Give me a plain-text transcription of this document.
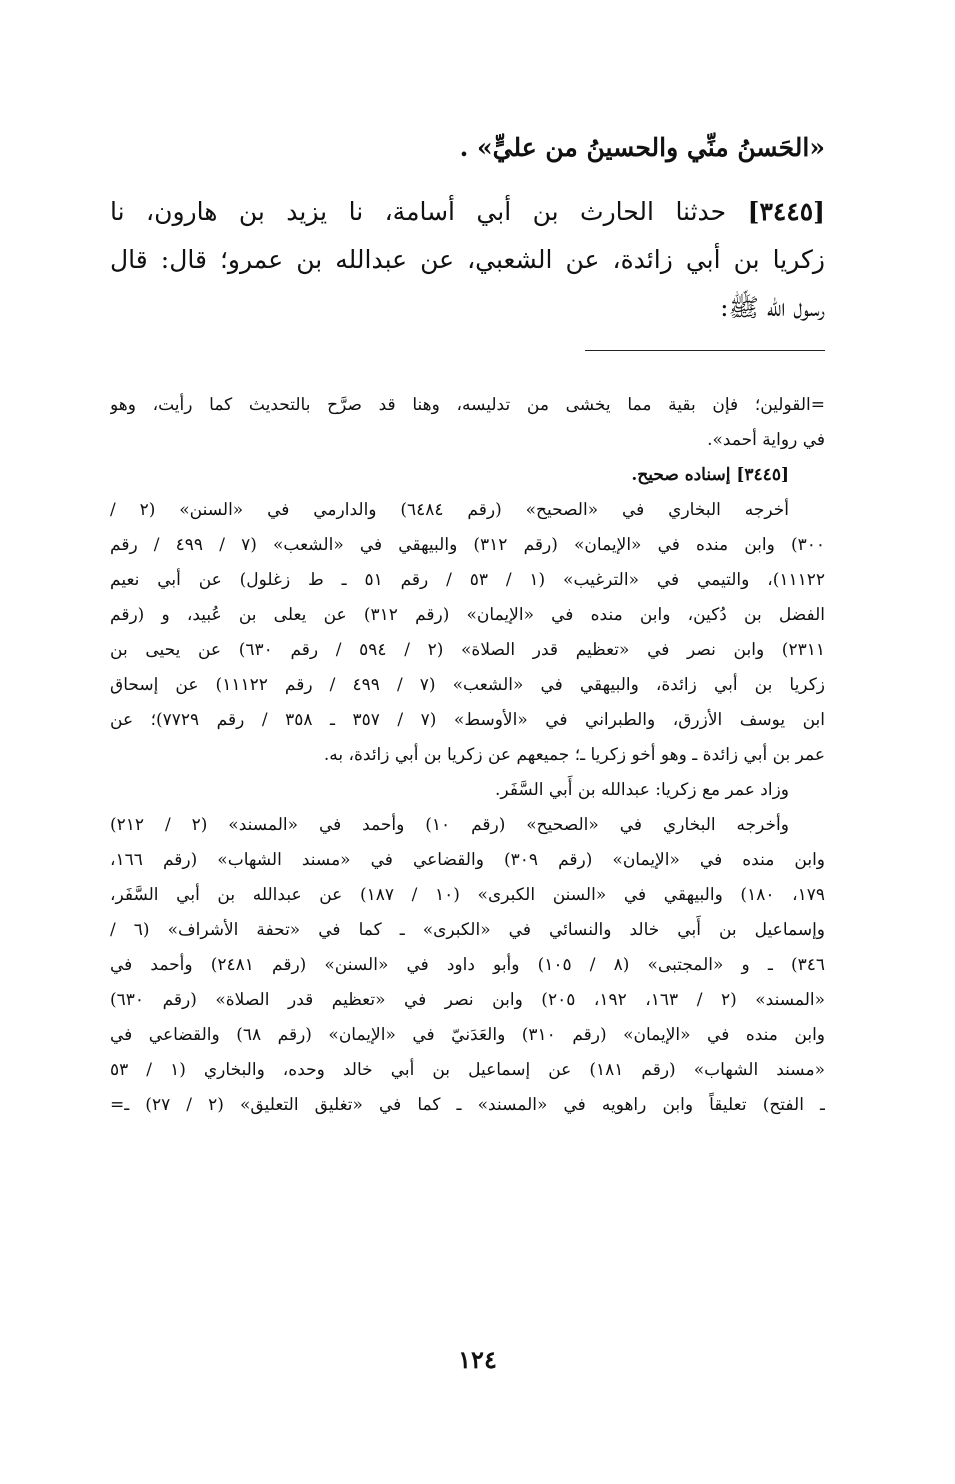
«الحَسنُ منِّي والحسينُ من عليٍّ» .
[٣٤٤٥] حدثنا الحارث بن أبي أسامة، نا يزيد بن هارون، نا
زكريا بن أبي زائدة، عن الشعبي، عن عبدالله بن عمرو؛ قال: قال
رسول الله ﷺ:
=القولين؛ فإن بقية مما يخشى من تدليسه، وهنا قد صرَّح بالتحديث كما رأيت، وهو
في رواية أحمد».
[٣٤٤٥] إسناده صحيح.
أخرجه البخاري في «الصحيح» (رقم ٦٤٨٤) والدارمي في «السنن» (٢ /
٣٠٠) وابن منده في «الإيمان» (رقم ٣١٢) والبيهقي في «الشعب» (٧ / ٤٩٩ / رقم
١١١٢٢)، والتيمي في «الترغيب» (١ / ٥٣ / رقم ٥١ ـ ط زغلول) عن أبي نعيم
الفضل بن دُكين، وابن منده في «الإيمان» (رقم ٣١٢) عن يعلى بن عُبيد، و (رقم
٢٣١١) وابن نصر في «تعظيم قدر الصلاة» (٢ / ٥٩٤ / رقم ٦٣٠) عن يحيى بن
زكريا بن أبي زائدة، والبيهقي في «الشعب» (٧ / ٤٩٩ / رقم ١١١٢٢) عن إسحاق
ابن يوسف الأزرق، والطبراني في «الأوسط» (٧ / ٣٥٧ ـ ٣٥٨ / رقم ٧٧٢٩)؛ عن
عمر بن أبي زائدة ـ وهو أخو زكريا ـ؛ جميعهم عن زكريا بن أبي زائدة، به.
وزاد عمر مع زكريا: عبدالله بن أَبي السَّفَر.
وأخرجه البخاري في «الصحيح» (رقم ١٠) وأحمد في «المسند» (٢ / ٢١٢)
وابن منده في «الإيمان» (رقم ٣٠٩) والقضاعي في «مسند الشهاب» (رقم ١٦٦،
١٧٩، ١٨٠) والبيهقي في «السنن الكبرى» (١٠ / ١٨٧) عن عبدالله بن أبي السَّفَر،
وإسماعيل بن أَبي خالد والنسائي في «الكبرى» ـ كما في «تحفة الأشراف» (٦ /
٣٤٦) ـ و «المجتبى» (٨ / ١٠٥) وأبو داود في «السنن» (رقم ٢٤٨١) وأحمد في
«المسند» (٢ / ١٦٣، ١٩٢، ٢٠٥) وابن نصر في «تعظيم قدر الصلاة» (رقم ٦٣٠)
وابن منده في «الإيمان» (رقم ٣١٠) والعَدَنيّ في «الإيمان» (رقم ٦٨) والقضاعي في
«مسند الشهاب» (رقم ١٨١) عن إسماعيل بن أبي خالد وحده، والبخاري (١ / ٥٣
ـ الفتح) تعليقاً وابن راهويه في «المسند» ـ كما في «تغليق التعليق» (٢ / ٢٧) ـ=
١٢٤
